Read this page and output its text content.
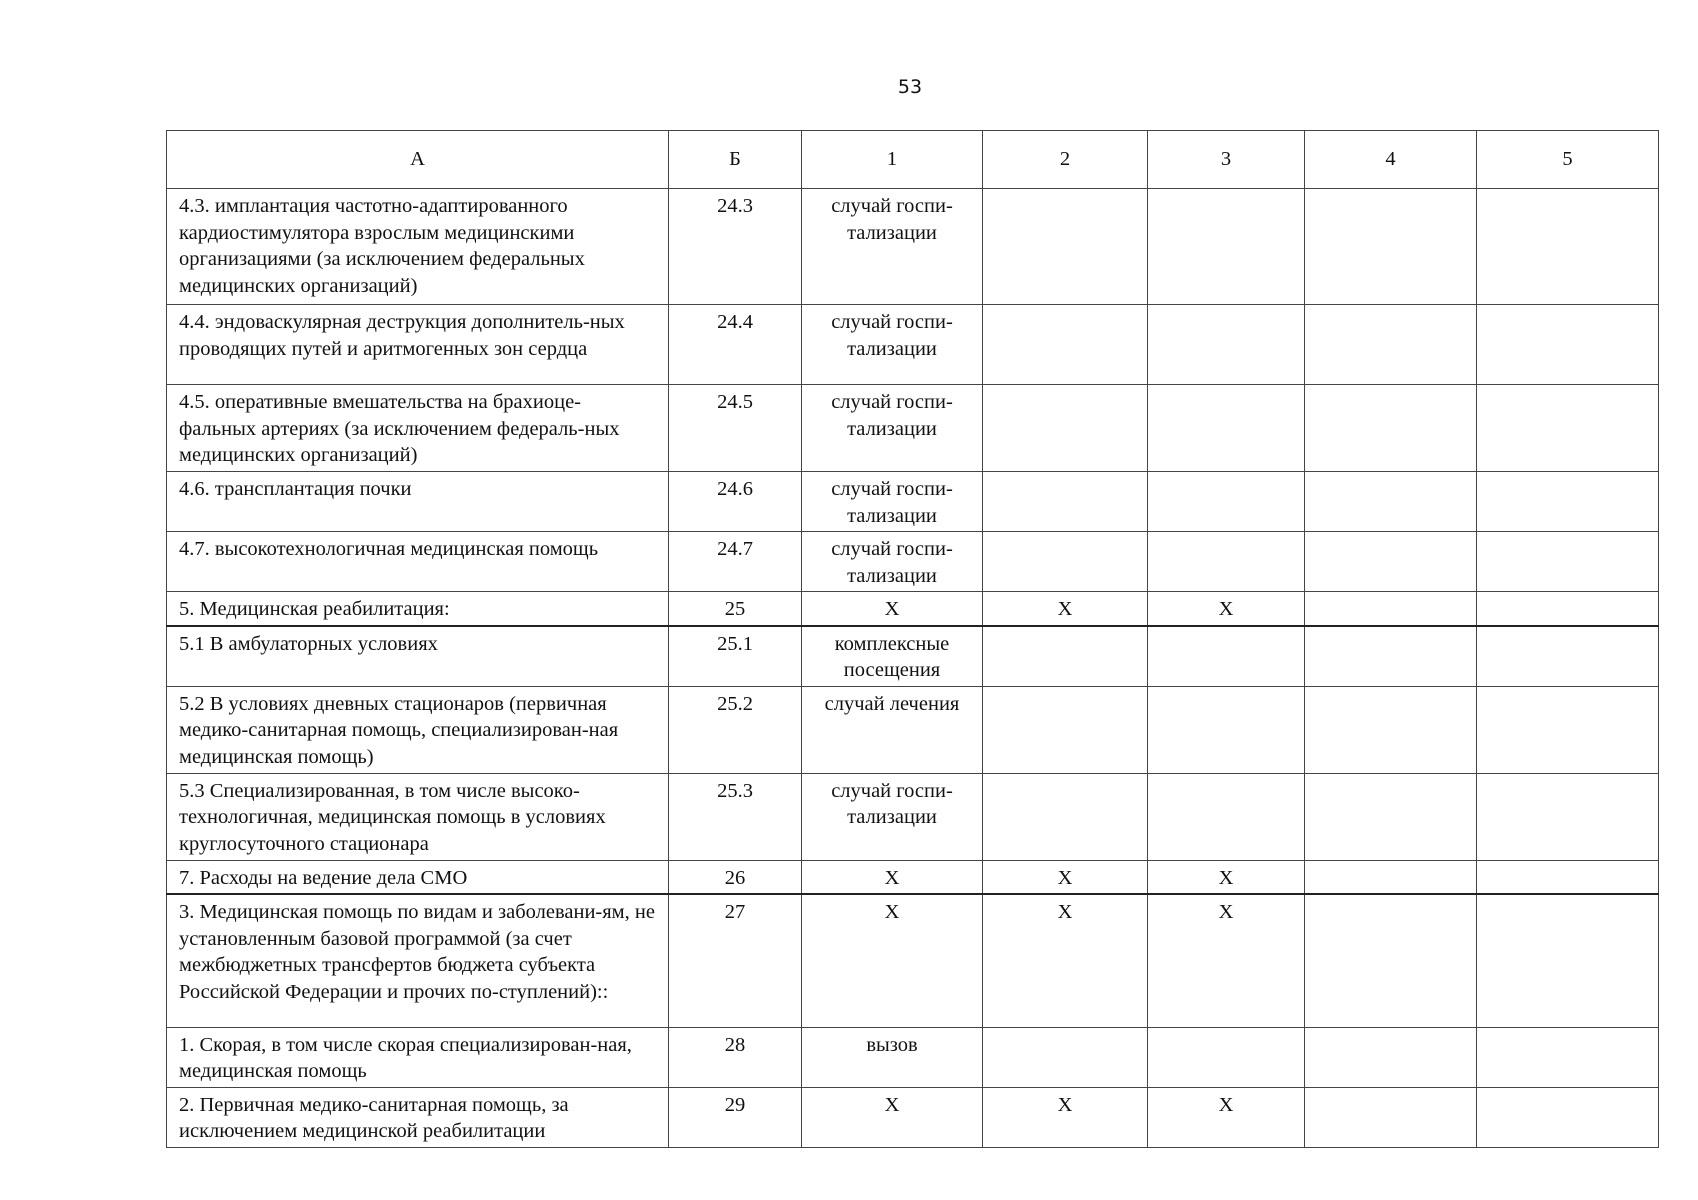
53
А	Б	1	2	3	4	5
4.3. имплантация частотно-адаптированного кардиостимулятора взрослым медицинскими организациями (за исключением федеральных медицинских организаций)	24.3	случай госпи-тализации				
4.4. эндоваскулярная деструкция дополнитель-ных проводящих путей и аритмогенных зон сердца	24.4	случай госпи-тализации				
4.5. оперативные вмешательства на брахиоце-фальных артериях (за исключением федераль-ных медицинских организаций)	24.5	случай госпи-тализации				
4.6. трансплантация почки	24.6	случай госпи-тализации				
4.7. высокотехнологичная медицинская помощь	24.7	случай госпи-тализации				
5. Медицинская реабилитация:	25	X	X	X		
5.1 В амбулаторных условиях	25.1	комплексные посещения				
5.2 В условиях дневных стационаров (первичная медико-санитарная помощь, специализирован-ная медицинская помощь)	25.2	случай лечения				
5.3 Специализированная, в том числе высоко-технологичная, медицинская помощь в условиях круглосуточного стационара	25.3	случай госпи-тализации				
7. Расходы на ведение дела СМО	26	X	X	X		
3. Медицинская помощь по видам и заболевани-ям, не установленным базовой программой (за счет межбюджетных трансфертов бюджета субъекта Российской Федерации и прочих по-ступлений)::	27	X	X	X		
1. Скорая, в том числе скорая специализирован-ная, медицинская помощь	28	вызов				
2. Первичная медико-санитарная помощь, за исключением медицинской реабилитации	29	X	X	X		
